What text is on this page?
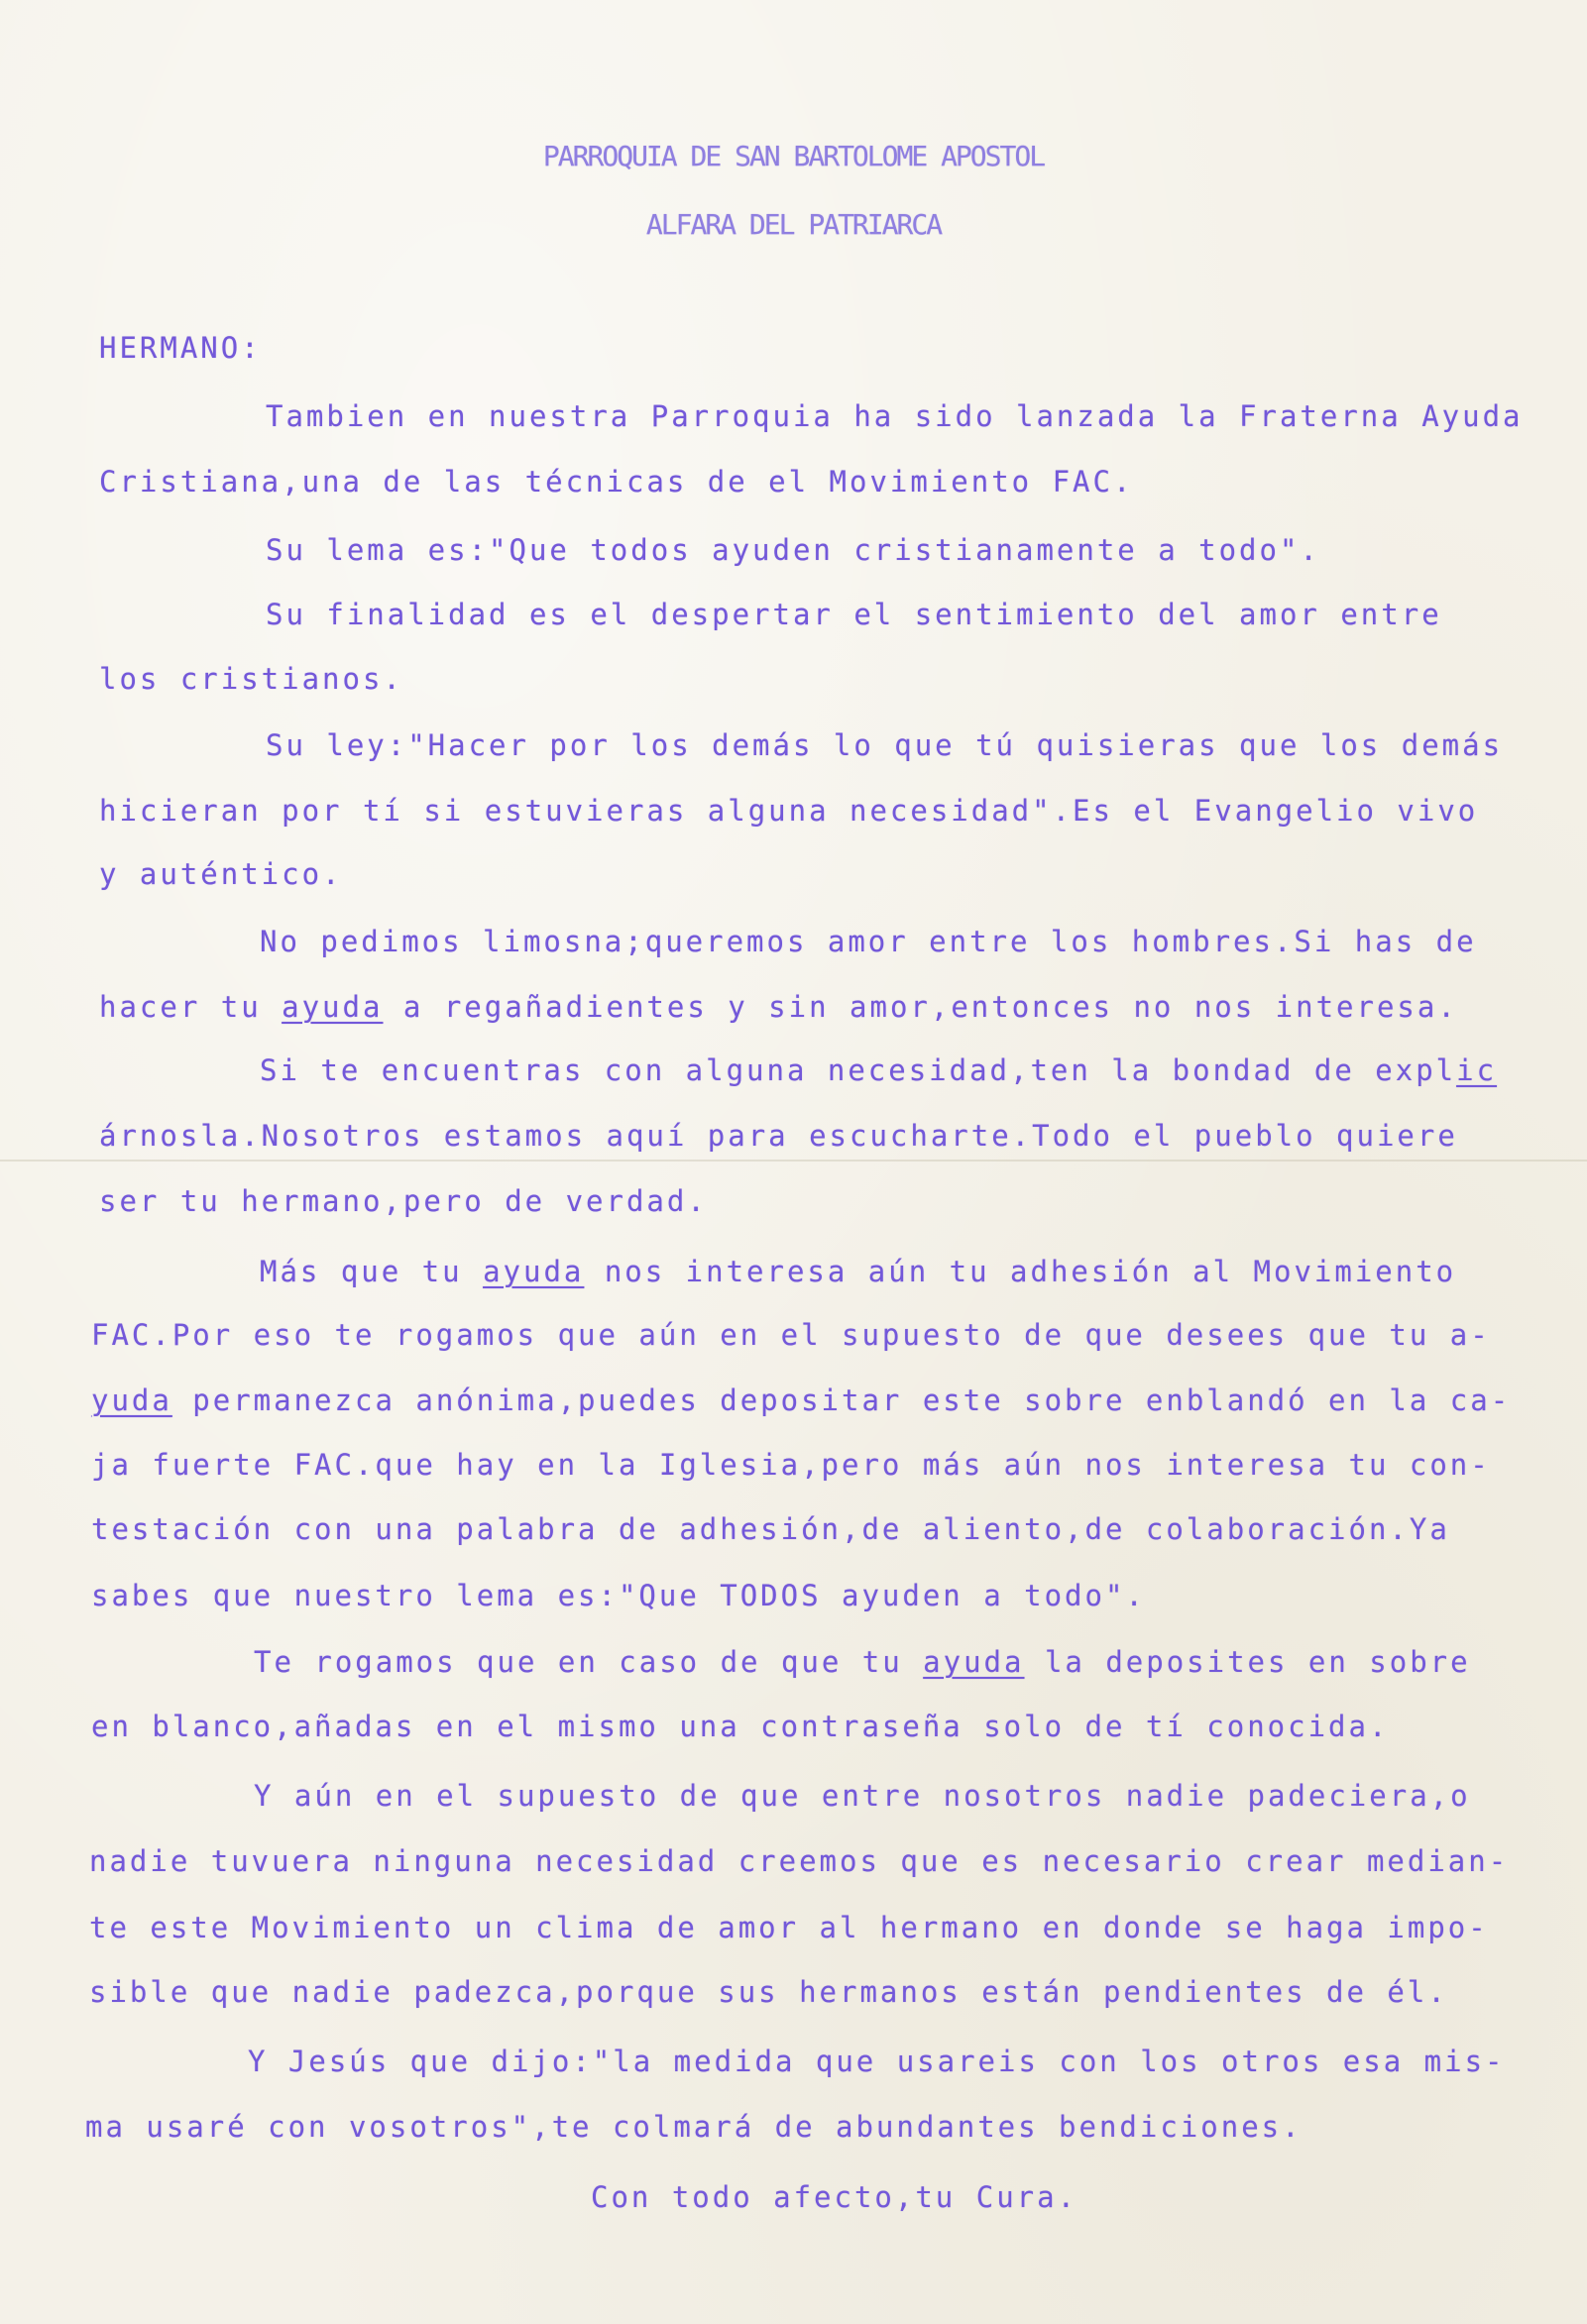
PARROQUIA DE SAN BARTOLOME APOSTOL
ALFARA DEL PATRIARCA
HERMANO:
Tambien en nuestra Parroquia ha sido lanzada la Fraterna Ayuda
Cristiana,una de las técnicas de el Movimiento FAC.
Su lema es:"Que todos ayuden cristianamente a todo".
Su finalidad es el despertar el sentimiento del amor entre
los cristianos.
Su ley:"Hacer por los demás lo que tú quisieras que los demás
hicieran por tí si estuvieras alguna necesidad".Es el Evangelio vivo
y auténtico.
No pedimos limosna;queremos amor entre los hombres.Si has de
hacer tu ayuda a regañadientes y sin amor,entonces no nos interesa.
Si te encuentras con alguna necesidad,ten la bondad de explic
árnosla.Nosotros estamos aquí para escucharte.Todo el pueblo quiere
ser tu hermano,pero de verdad.
Más que tu ayuda nos interesa aún tu adhesión al Movimiento
FAC.Por eso te rogamos que aún en el supuesto de que desees que tu a-
yuda permanezca anónima,puedes depositar este sobre enblandó en la ca-
ja fuerte FAC.que hay en la Iglesia,pero más aún nos interesa tu con-
testación con una palabra de adhesión,de aliento,de colaboración.Ya
sabes que nuestro lema es:"Que TODOS ayuden a todo".
Te rogamos que en caso de que tu ayuda la deposites en sobre
en blanco,añadas en el mismo una contraseña solo de tí conocida.
Y aún en el supuesto de que entre nosotros nadie padeciera,o
nadie tuvuera ninguna necesidad creemos que es necesario crear median-
te este Movimiento un clima de amor al hermano en donde se haga impo-
sible que nadie padezca,porque sus hermanos están pendientes de él.
Y Jesús que dijo:"la medida que usareis con los otros esa mis-
ma usaré con vosotros",te colmará de abundantes bendiciones.
Con todo afecto,tu Cura.
